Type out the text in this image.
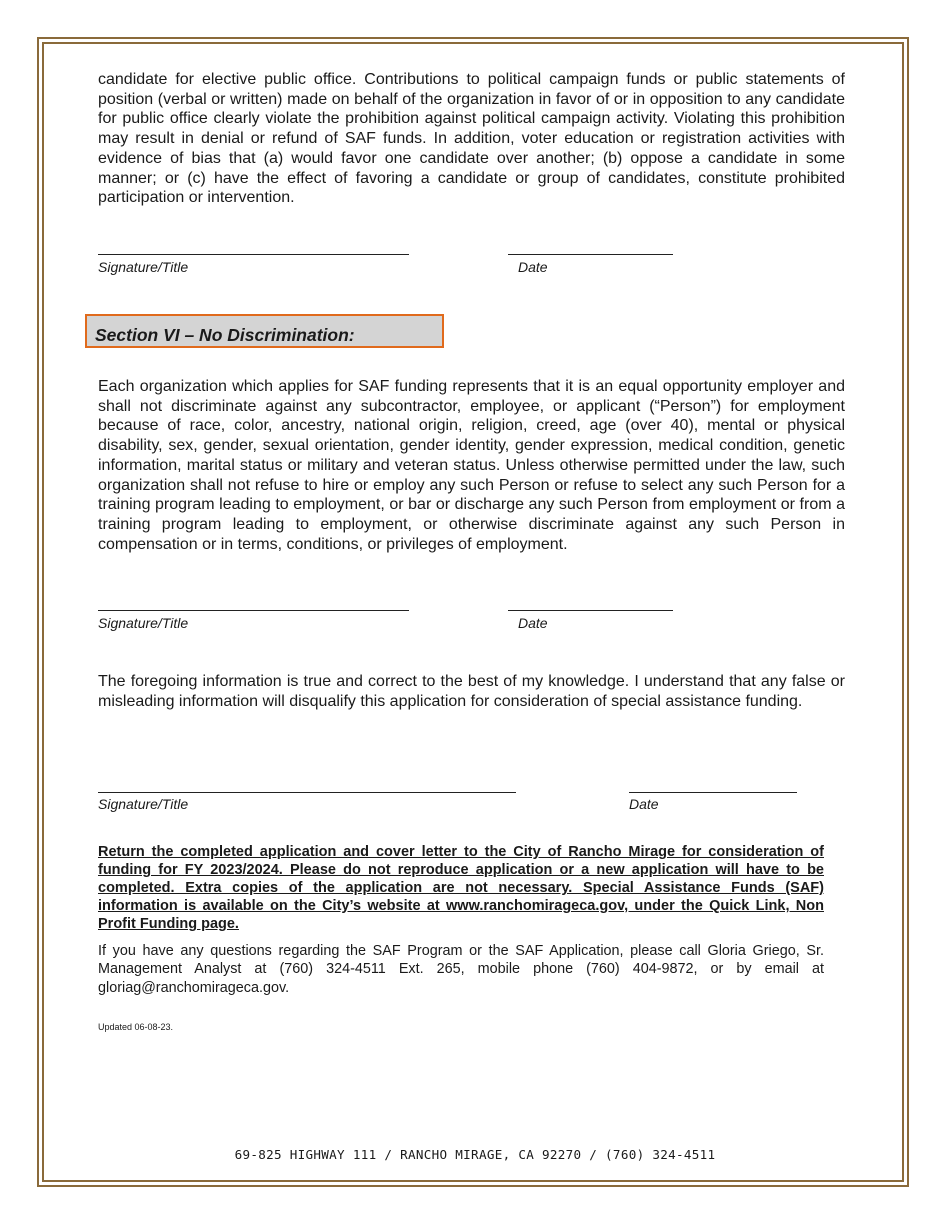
candidate for elective public office. Contributions to political campaign funds or public statements of position (verbal or written) made on behalf of the organization in favor of or in opposition to any candidate for public office clearly violate the prohibition against political campaign activity. Violating this prohibition may result in denial or refund of SAF funds. In addition, voter education or registration activities with evidence of bias that (a) would favor one candidate over another; (b) oppose a candidate in some manner; or (c) have the effect of favoring a candidate or group of candidates, constitute prohibited participation or intervention.

Signature/Title	Date
Section VI – No Discrimination:

Each organization which applies for SAF funding represents that it is an equal opportunity employer and shall not discriminate against any subcontractor, employee, or applicant (“Person”) for employment because of race, color, ancestry, national origin, religion, creed, age (over 40), mental or physical disability, sex, gender, sexual orientation, gender identity, gender expression, medical condition, genetic information, marital status or military and veteran status. Unless otherwise permitted under the law, such organization shall not refuse to hire or employ any such Person or refuse to select any such Person for a training program leading to employment, or bar or discharge any such Person from employment or from a training program leading to employment, or otherwise discriminate against any such Person in compensation or in terms, conditions, or privileges of employment.

Signature/Title	Date

The foregoing information is true and correct to the best of my knowledge. I understand that any false or misleading information will disqualify this application for consideration of special assistance funding.

Signature/Title	Date

Return the completed application and cover letter to the City of Rancho Mirage for consideration of funding for FY 2023/2024. Please do not reproduce application or a new application will have to be completed. Extra copies of the application are not necessary. Special Assistance Funds (SAF) information is available on the City’s website at www.ranchomirageca.gov, under the Quick Link, Non Profit Funding page.

If you have any questions regarding the SAF Program or the SAF Application, please call Gloria Griego, Sr. Management Analyst at (760) 324-4511 Ext. 265, mobile phone (760) 404-9872, or by email at gloriag@ranchomirageca.gov.

Updated 06-08-23.
69-825 HIGHWAY 111 / RANCHO MIRAGE, CA 92270 / (760) 324-4511
